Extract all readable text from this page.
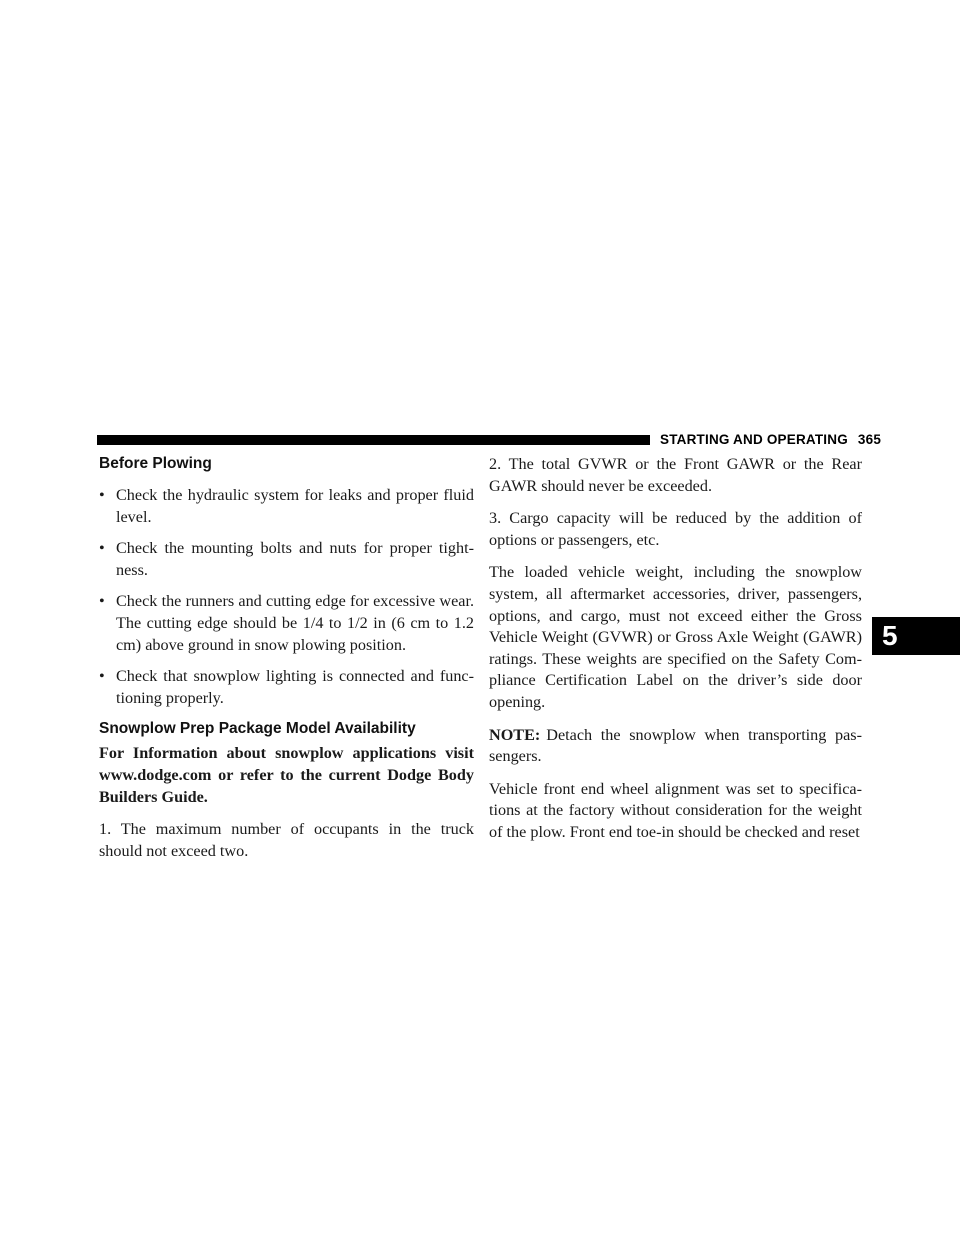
STARTING AND OPERATING 365
5
Before Plowing
• Check the hydraulic system for leaks and proper fluid level.
• Check the mounting bolts and nuts for proper tight-ness.
• Check the runners and cutting edge for excessive wear. The cutting edge should be 1/4 to 1/2 in (6 cm to 1.2 cm) above ground in snow plowing position.
• Check that snowplow lighting is connected and func-tioning properly.
Snowplow Prep Package Model Availability

For Information about snowplow applications visit www.dodge.com or refer to the current Dodge Body Builders Guide.

1. The maximum number of occupants in the truck should not exceed two.

2. The total GVWR or the Front GAWR or the Rear GAWR should never be exceeded.

3. Cargo capacity will be reduced by the addition of options or passengers, etc.

The loaded vehicle weight, including the snowplow system, all aftermarket accessories, driver, passengers, options, and cargo, must not exceed either the Gross Vehicle Weight (GVWR) or Gross Axle Weight (GAWR) ratings. These weights are specified on the Safety Com-pliance Certification Label on the driver’s side door opening.

NOTE: Detach the snowplow when transporting pas-sengers.

Vehicle front end wheel alignment was set to specifica-tions at the factory without consideration for the weight of the plow. Front end toe-in should be checked and reset
